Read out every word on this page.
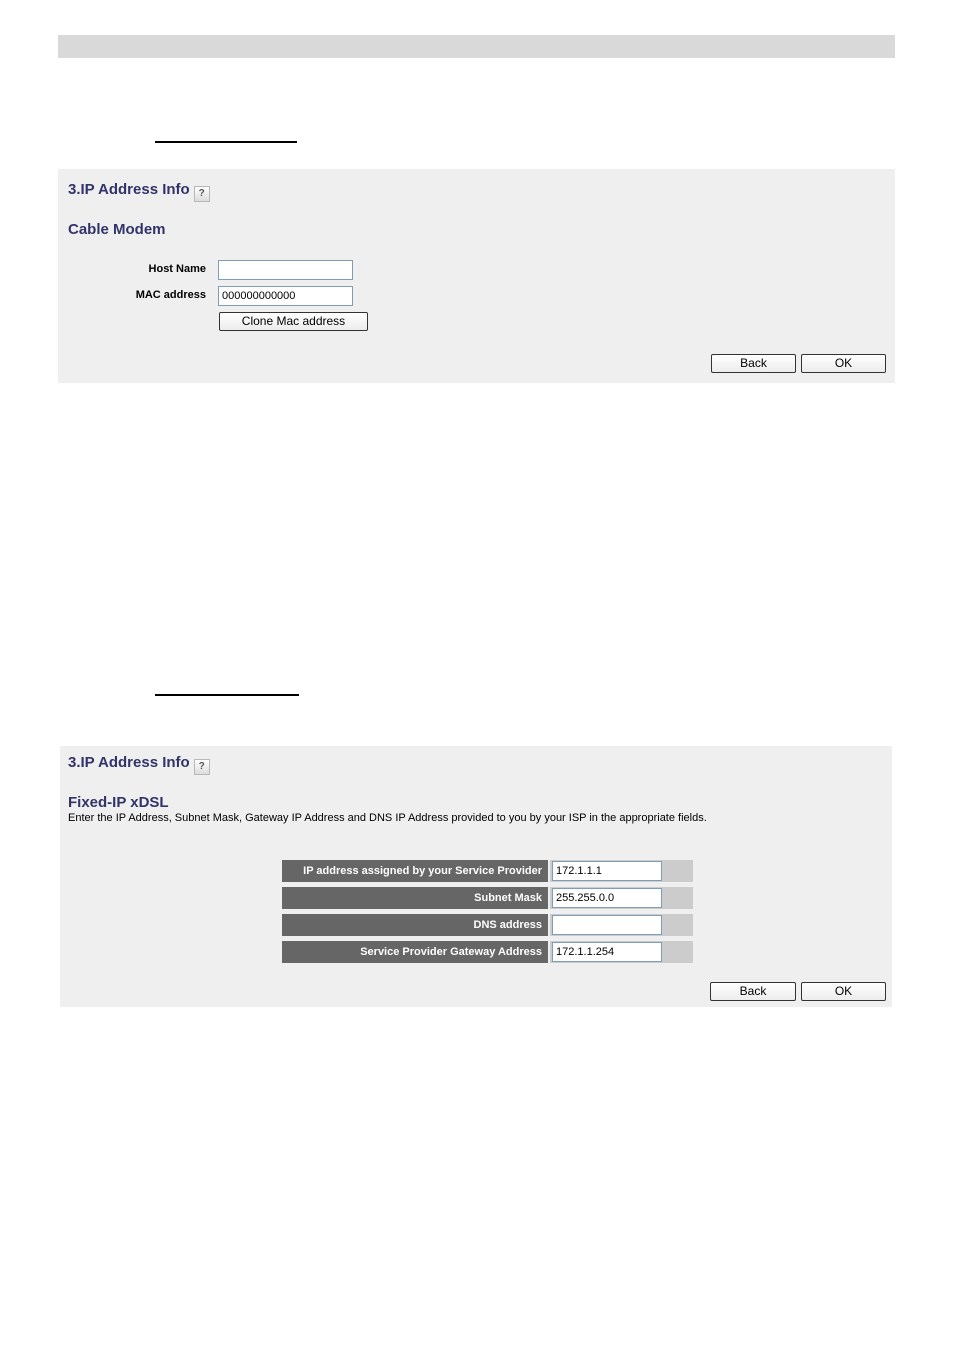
3.IP Address Info ?
Cable Modem
Host Name
MAC address
000000000000
Clone Mac address
Back	OK
3.IP Address Info ?
Fixed-IP xDSL
Enter the IP Address, Subnet Mask, Gateway IP Address and DNS IP Address provided to you by your ISP in the appropriate fields.
IP address assigned by your Service Provider
172.1.1.1
Subnet Mask
255.255.0.0
DNS address
Service Provider Gateway Address
172.1.1.254
Back	OK
